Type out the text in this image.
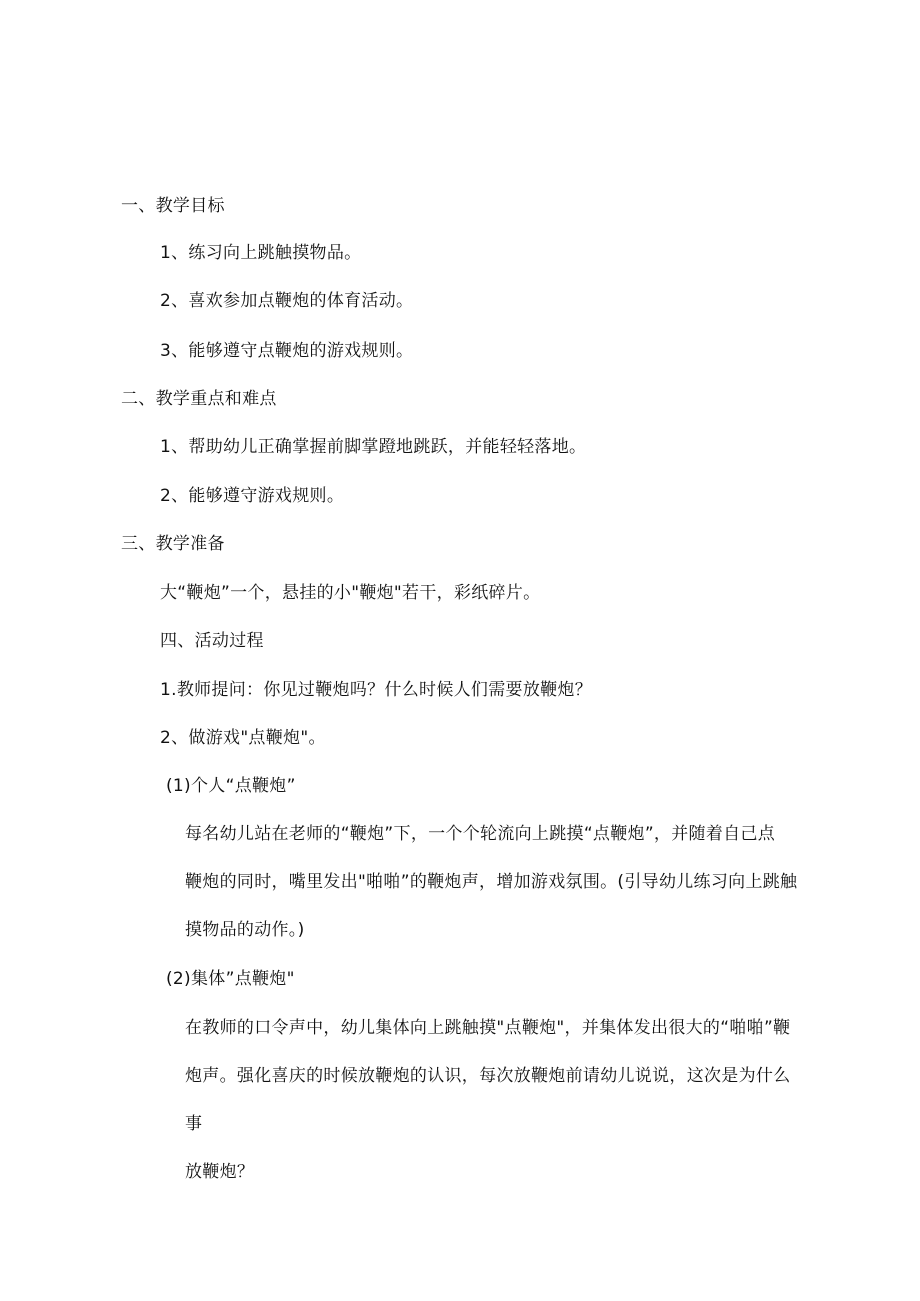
一、教学目标
1、练习向上跳触摸物品。
2、喜欢参加点鞭炮的体育活动。
3、能够遵守点鞭炮的游戏规则。
二、教学重点和难点
1、帮助幼儿正确掌握前脚掌蹬地跳跃，并能轻轻落地。
2、能够遵守游戏规则。
三、教学准备
大“鞭炮”一个，悬挂的小"鞭炮"若干，彩纸碎片。
四、活动过程
1.教师提问：你见过鞭炮吗？什么时候人们需要放鞭炮？
2、做游戏"点鞭炮"。
(1)个人“点鞭炮”
每名幼儿站在老师的“鞭炮”下，一个个轮流向上跳摸“点鞭炮”，并随着自己点
鞭炮的同时，嘴里发出"啪啪”的鞭炮声，增加游戏氛围。(引导幼儿练习向上跳触
摸物品的动作。)
(2)集体”点鞭炮"
在教师的口令声中，幼儿集体向上跳触摸"点鞭炮"，并集体发出很大的“啪啪”鞭
炮声。强化喜庆的时候放鞭炮的认识，每次放鞭炮前请幼儿说说，这次是为什么事
放鞭炮？
